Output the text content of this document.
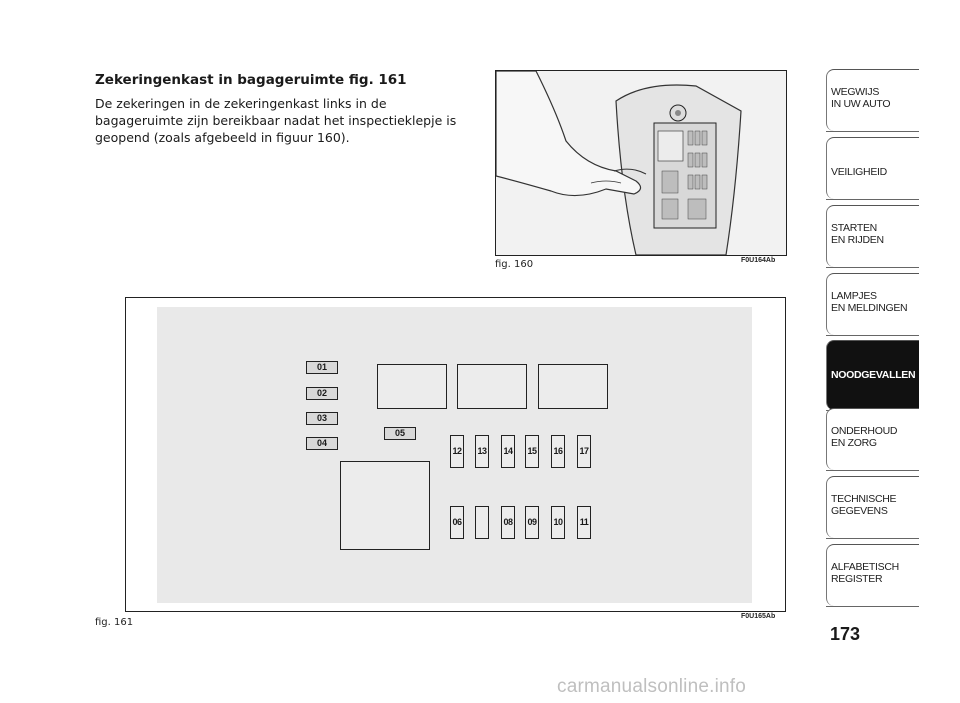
Zekeringenkast in bagageruimte fig. 161
De zekeringen in de zekeringenkast links in de bagageruimte zijn bereikbaar nadat het inspectieklepje is geopend (zoals afgebeeld in figuur 160).
fig. 160	F0U164Ab
01
02
03
04
05
12 13 14 15 16 17
06	08 09 10	11
fig. 161
F0U165Ab
WEGWIJS
IN UW AUTO
VEILIGHEID

STARTEN
EN RIJDEN
LAMPJES
EN MELDINGEN
NOODGEVALLEN
ONDERHOUD
EN ZORG
TECHNISCHE
GEGEVENS
ALFABETISCH
REGISTER
173
carmanualsonline.info
